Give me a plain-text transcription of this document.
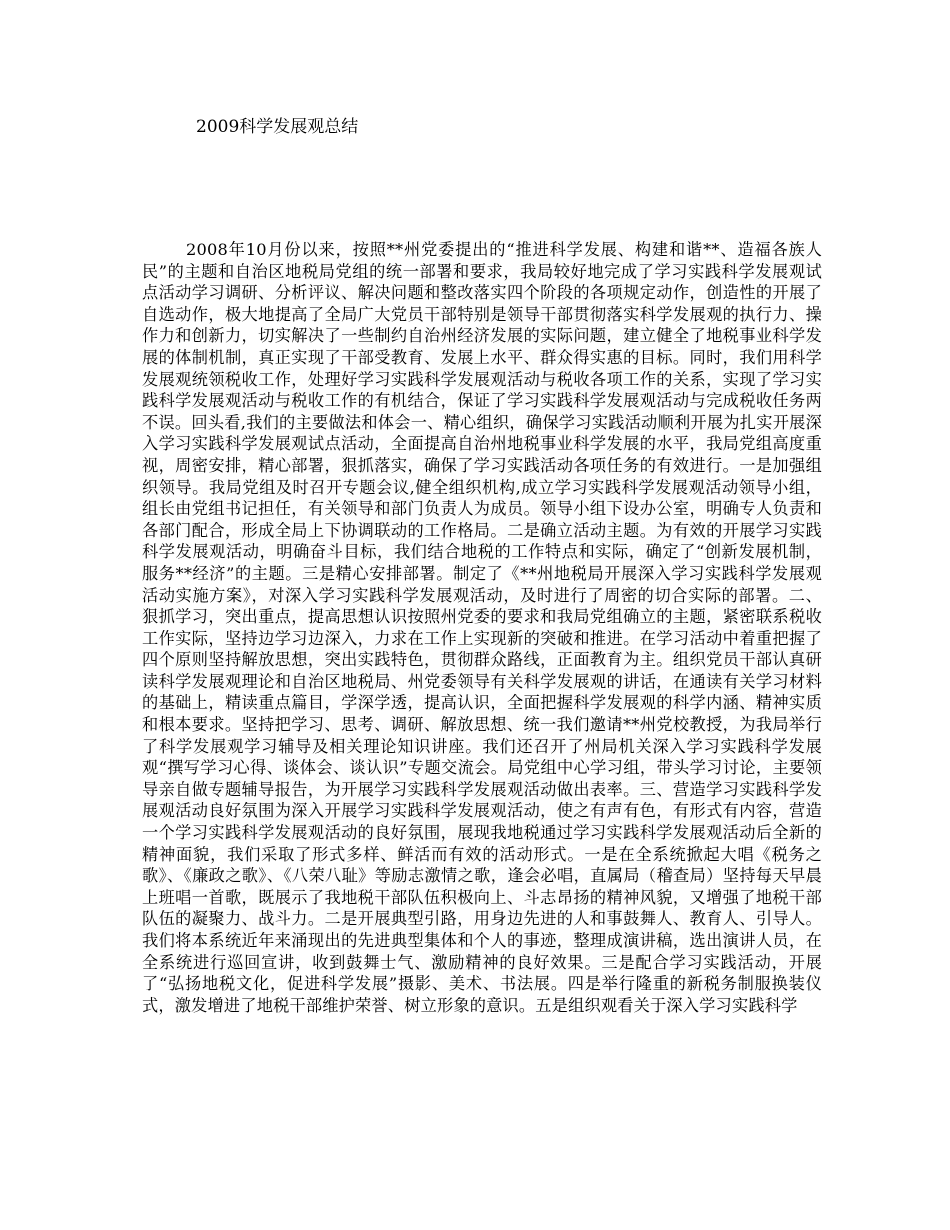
2009科学发展观总结

2008年10月份以来，按照**州党委提出的“推进科学发展、构建和谐**、造福各族人民”的主题和自治区地税局党组的统一部署和要求，我局较好地完成了学习实践科学发展观试点活动学习调研、分析评议、解决问题和整改落实四个阶段的各项规定动作，创造性的开展了自选动作，极大地提高了全局广大党员干部特别是领导干部贯彻落实科学发展观的执行力、操作力和创新力，切实解决了一些制约自治州经济发展的实际问题，建立健全了地税事业科学发展的体制机制，真正实现了干部受教育、发展上水平、群众得实惠的目标。同时，我们用科学发展观统领税收工作，处理好学习实践科学发展观活动与税收各项工作的关系，实现了学习实践科学发展观活动与税收工作的有机结合，保证了学习实践科学发展观活动与完成税收任务两不误。回头看,我们的主要做法和体会一、精心组织，确保学习实践活动顺利开展为扎实开展深入学习实践科学发展观试点活动，全面提高自治州地税事业科学发展的水平，我局党组高度重视，周密安排，精心部署，狠抓落实，确保了学习实践活动各项任务的有效进行。一是加强组织领导。我局党组及时召开专题会议,健全组织机构,成立学习实践科学发展观活动领导小组，组长由党组书记担任，有关领导和部门负责人为成员。领导小组下设办公室，明确专人负责和各部门配合，形成全局上下协调联动的工作格局。二是确立活动主题。为有效的开展学习实践科学发展观活动，明确奋斗目标，我们结合地税的工作特点和实际，确定了“创新发展机制，服务**经济”的主题。三是精心安排部署。制定了《**州地税局开展深入学习实践科学发展观活动实施方案》，对深入学习实践科学发展观活动，及时进行了周密的切合实际的部署。二、狠抓学习，突出重点，提高思想认识按照州党委的要求和我局党组确立的主题，紧密联系税收工作实际，坚持边学习边深入，力求在工作上实现新的突破和推进。在学习活动中着重把握了四个原则坚持解放思想，突出实践特色，贯彻群众路线，正面教育为主。组织党员干部认真研读科学发展观理论和自治区地税局、州党委领导有关科学发展观的讲话，在通读有关学习材料的基础上，精读重点篇目，学深学透，提高认识，全面把握科学发展观的科学内涵、精神实质和根本要求。坚持把学习、思考、调研、解放思想、统一我们邀请**州党校教授，为我局举行了科学发展观学习辅导及相关理论知识讲座。我们还召开了州局机关深入学习实践科学发展观“撰写学习心得、谈体会、谈认识”专题交流会。局党组中心学习组，带头学习讨论，主要领导亲自做专题辅导报告，为开展学习实践科学发展观活动做出表率。三、营造学习实践科学发展观活动良好氛围为深入开展学习实践科学发展观活动，使之有声有色，有形式有内容，营造一个学习实践科学发展观活动的良好氛围，展现我地税通过学习实践科学发展观活动后全新的精神面貌，我们采取了形式多样、鲜活而有效的活动形式。一是在全系统掀起大唱《税务之歌》、《廉政之歌》、《八荣八耻》等励志激情之歌，逢会必唱，直属局（稽查局）坚持每天早晨上班唱一首歌，既展示了我地税干部队伍积极向上、斗志昂扬的精神风貌，又增强了地税干部队伍的凝聚力、战斗力。二是开展典型引路，用身边先进的人和事鼓舞人、教育人、引导人。我们将本系统近年来涌现出的先进典型集体和个人的事迹，整理成演讲稿，选出演讲人员，在全系统进行巡回宣讲，收到鼓舞士气、激励精神的良好效果。三是配合学习实践活动，开展了“弘扬地税文化，促进科学发展”摄影、美术、书法展。四是举行隆重的新税务制服换装仪式，激发增进了地税干部维护荣誉、树立形象的意识。五是组织观看关于深入学习实践科学
